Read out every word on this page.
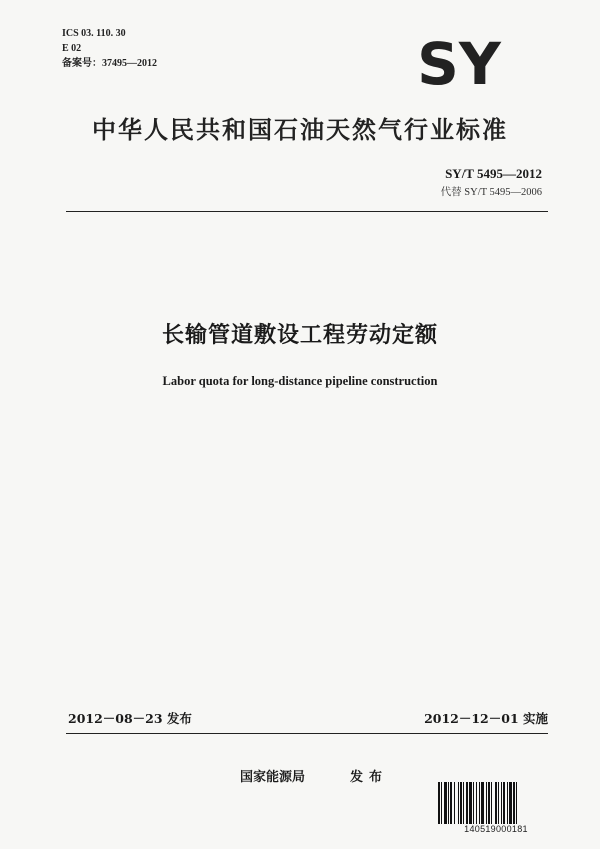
ICS 03. 110. 30
E 02
备案号：37495—2012	SY
中华人民共和国石油天然气行业标准
SY/T 5495—2012
代替 SY/T 5495—2006
长输管道敷设工程劳动定额
Labor quota for long-distance pipeline construction
2012－08－23 发布	2012－12－01 实施
国家能源局	发布
140519000181
